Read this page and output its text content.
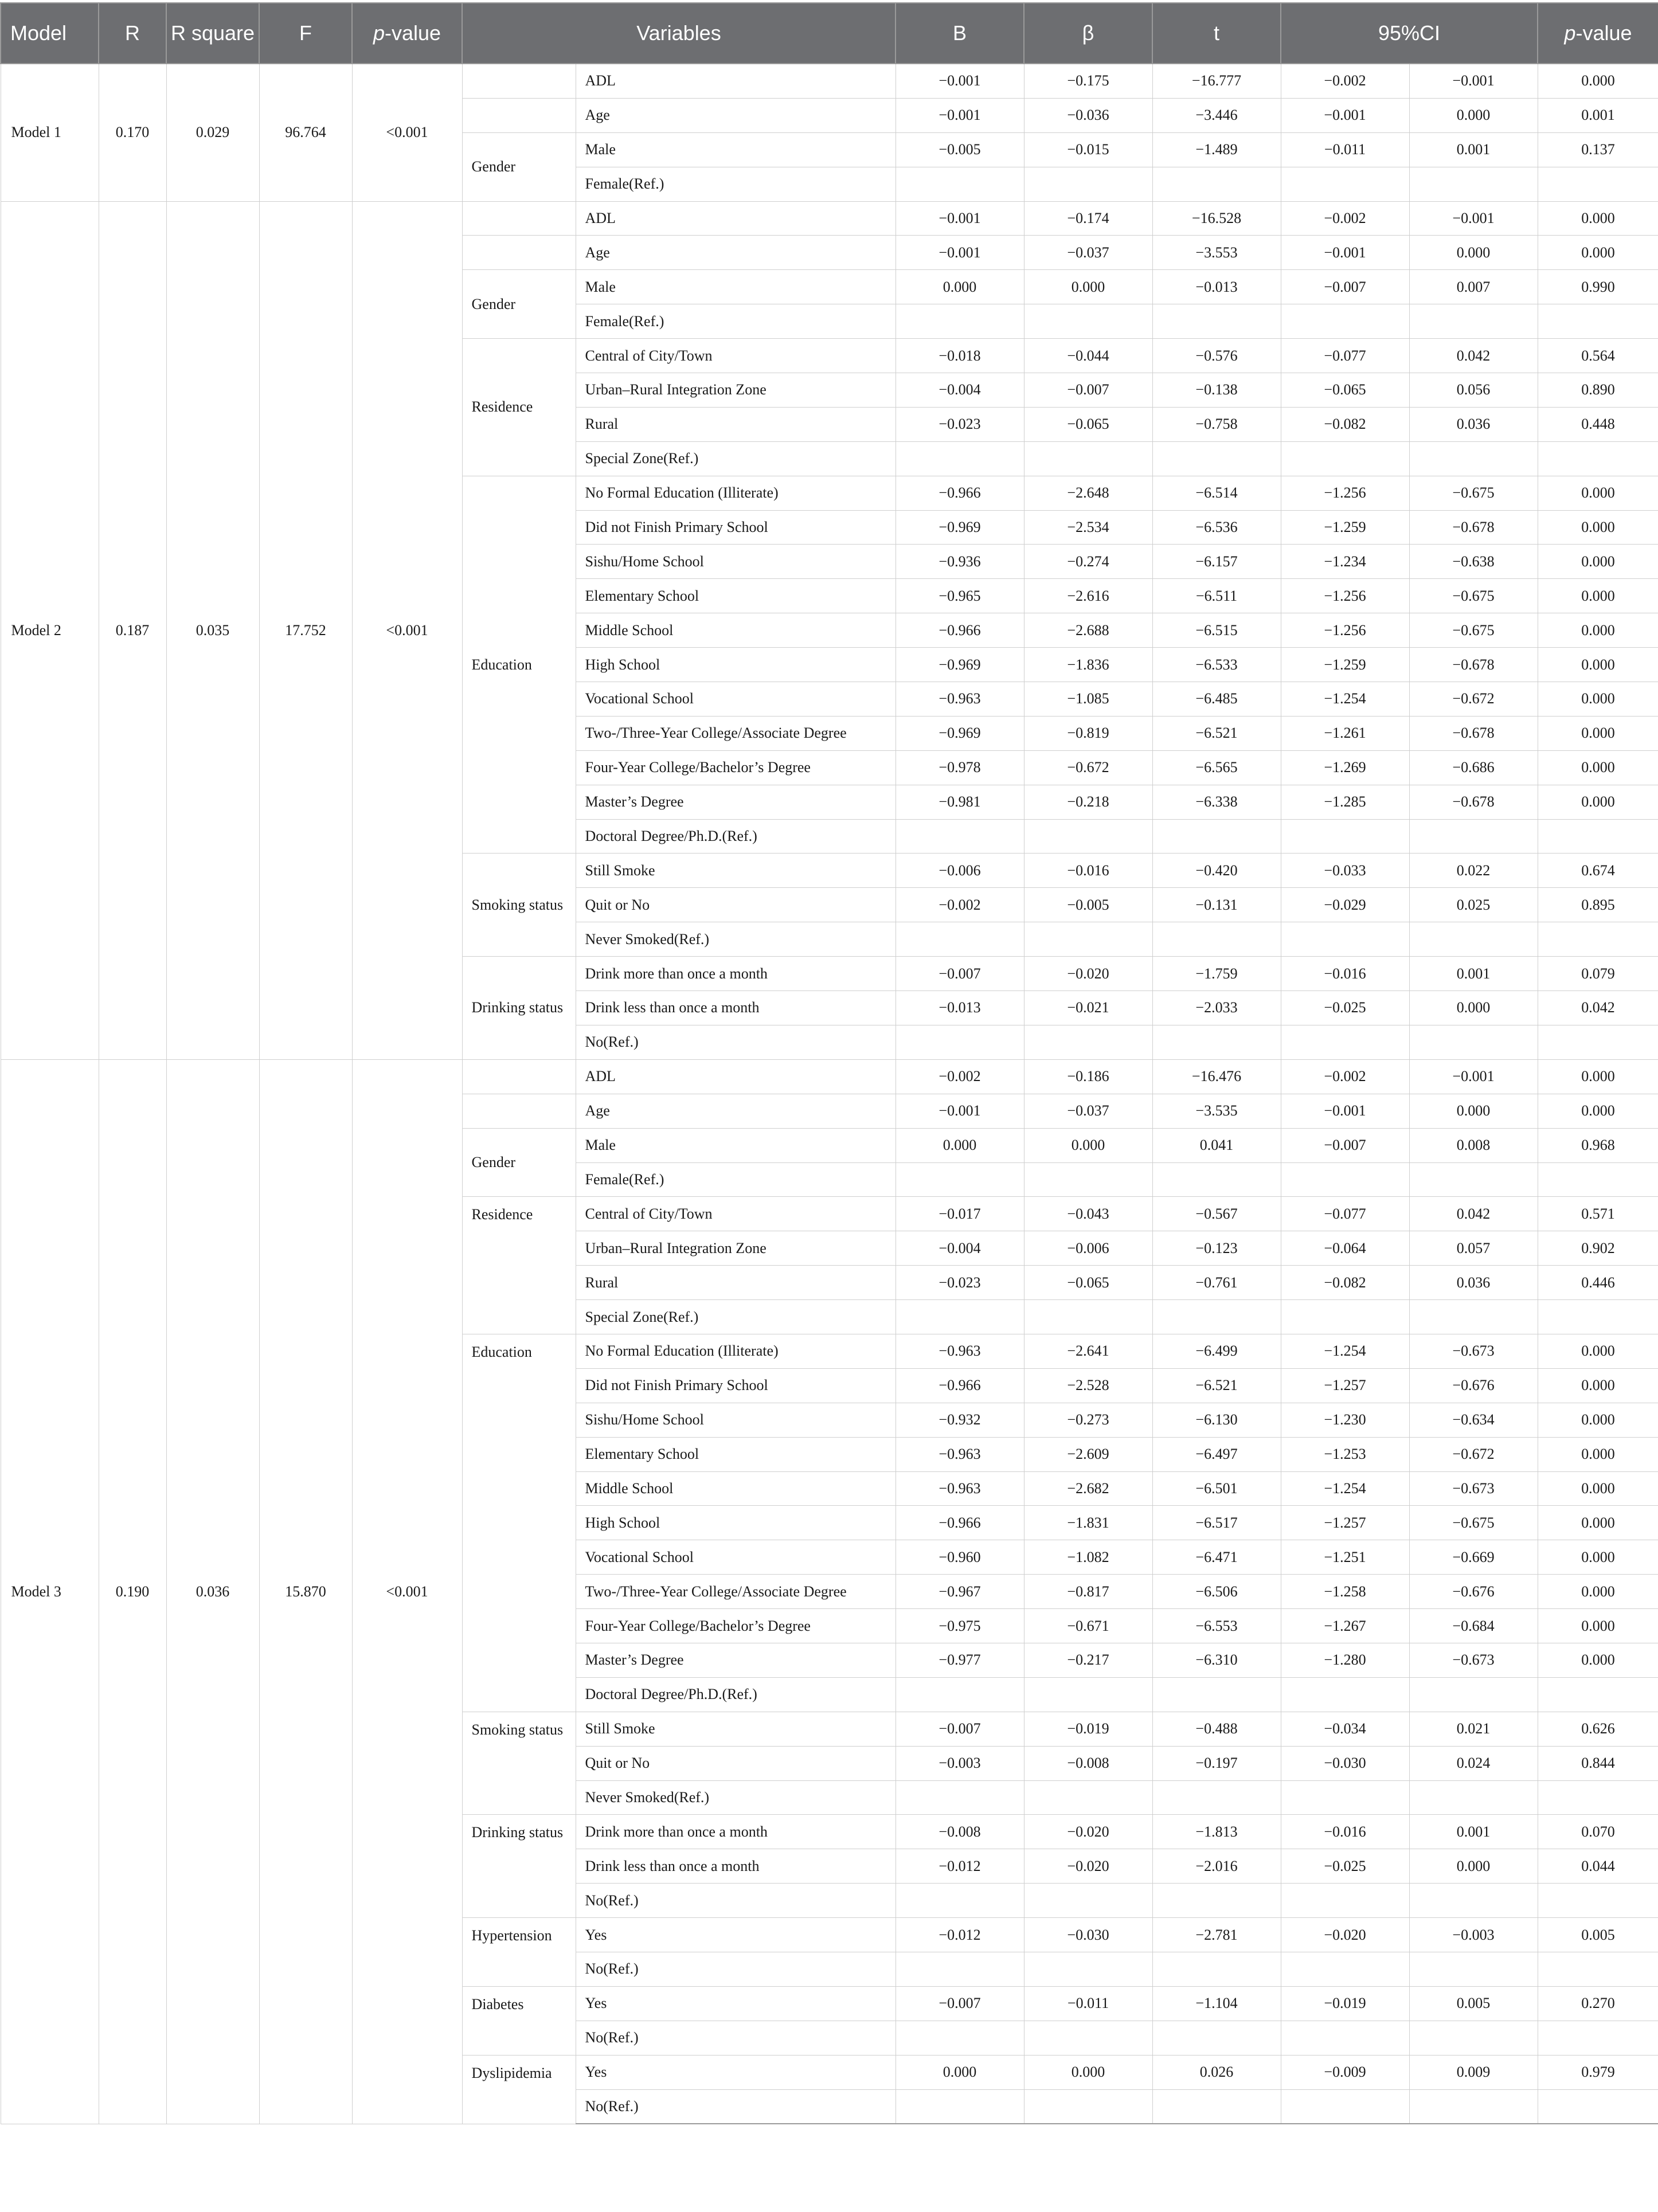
Model	R	R square	F	p-value	Variables		B	β	t	95%CI		p-value
Model 1	0.170	0.029	96.764	<0.001		ADL	−0.001	−0.175	−16.777	−0.002	−0.001	0.000
						Age	−0.001	−0.036	−3.446	−0.001	0.000	0.001
					Gender	Male	−0.005	−0.015	−1.489	−0.011	0.001	0.137
						Female(Ref.)						
Model 2	0.187	0.035	17.752	<0.001		ADL	−0.001	−0.174	−16.528	−0.002	−0.001	0.000
						Age	−0.001	−0.037	−3.553	−0.001	0.000	0.000
					Gender	Male	0.000	0.000	−0.013	−0.007	0.007	0.990
						Female(Ref.)						
					Residence	Central of City/Town	−0.018	−0.044	−0.576	−0.077	0.042	0.564
						Urban–Rural Integration Zone	−0.004	−0.007	−0.138	−0.065	0.056	0.890
						Rural	−0.023	−0.065	−0.758	−0.082	0.036	0.448
						Special Zone(Ref.)						
					Education	No Formal Education (Illiterate)	−0.966	−2.648	−6.514	−1.256	−0.675	0.000
						Did not Finish Primary School	−0.969	−2.534	−6.536	−1.259	−0.678	0.000
						Sishu/Home School	−0.936	−0.274	−6.157	−1.234	−0.638	0.000
						Elementary School	−0.965	−2.616	−6.511	−1.256	−0.675	0.000
						Middle School	−0.966	−2.688	−6.515	−1.256	−0.675	0.000
						High School	−0.969	−1.836	−6.533	−1.259	−0.678	0.000
						Vocational School	−0.963	−1.085	−6.485	−1.254	−0.672	0.000
						Two-/Three-Year College/Associate Degree	−0.969	−0.819	−6.521	−1.261	−0.678	0.000
						Four-Year College/Bachelor’s Degree	−0.978	−0.672	−6.565	−1.269	−0.686	0.000
						Master’s Degree	−0.981	−0.218	−6.338	−1.285	−0.678	0.000
						Doctoral Degree/Ph.D.(Ref.)						
					Smoking status	Still Smoke	−0.006	−0.016	−0.420	−0.033	0.022	0.674
						Quit or No	−0.002	−0.005	−0.131	−0.029	0.025	0.895
						Never Smoked(Ref.)						
					Drinking status	Drink more than once a month	−0.007	−0.020	−1.759	−0.016	0.001	0.079
						Drink less than once a month	−0.013	−0.021	−2.033	−0.025	0.000	0.042
						No(Ref.)						
Model 3	0.190	0.036	15.870	<0.001		ADL	−0.002	−0.186	−16.476	−0.002	−0.001	0.000
						Age	−0.001	−0.037	−3.535	−0.001	0.000	0.000
					Gender	Male	0.000	0.000	0.041	−0.007	0.008	0.968
						Female(Ref.)						
					Residence	Central of City/Town	−0.017	−0.043	−0.567	−0.077	0.042	0.571
						Urban–Rural Integration Zone	−0.004	−0.006	−0.123	−0.064	0.057	0.902
						Rural	−0.023	−0.065	−0.761	−0.082	0.036	0.446
						Special Zone(Ref.)						
					Education	No Formal Education (Illiterate)	−0.963	−2.641	−6.499	−1.254	−0.673	0.000
						Did not Finish Primary School	−0.966	−2.528	−6.521	−1.257	−0.676	0.000
						Sishu/Home School	−0.932	−0.273	−6.130	−1.230	−0.634	0.000
						Elementary School	−0.963	−2.609	−6.497	−1.253	−0.672	0.000
						Middle School	−0.963	−2.682	−6.501	−1.254	−0.673	0.000
						High School	−0.966	−1.831	−6.517	−1.257	−0.675	0.000
						Vocational School	−0.960	−1.082	−6.471	−1.251	−0.669	0.000
						Two-/Three-Year College/Associate Degree	−0.967	−0.817	−6.506	−1.258	−0.676	0.000
						Four-Year College/Bachelor’s Degree	−0.975	−0.671	−6.553	−1.267	−0.684	0.000
						Master’s Degree	−0.977	−0.217	−6.310	−1.280	−0.673	0.000
						Doctoral Degree/Ph.D.(Ref.)						
					Smoking status	Still Smoke	−0.007	−0.019	−0.488	−0.034	0.021	0.626
						Quit or No	−0.003	−0.008	−0.197	−0.030	0.024	0.844
						Never Smoked(Ref.)						
					Drinking status	Drink more than once a month	−0.008	−0.020	−1.813	−0.016	0.001	0.070
						Drink less than once a month	−0.012	−0.020	−2.016	−0.025	0.000	0.044
						No(Ref.)						
					Hypertension	Yes	−0.012	−0.030	−2.781	−0.020	−0.003	0.005
						No(Ref.)						
					Diabetes	Yes	−0.007	−0.011	−1.104	−0.019	0.005	0.270
						No(Ref.)						
					Dyslipidemia	Yes	0.000	0.000	0.026	−0.009	0.009	0.979
						No(Ref.)						
